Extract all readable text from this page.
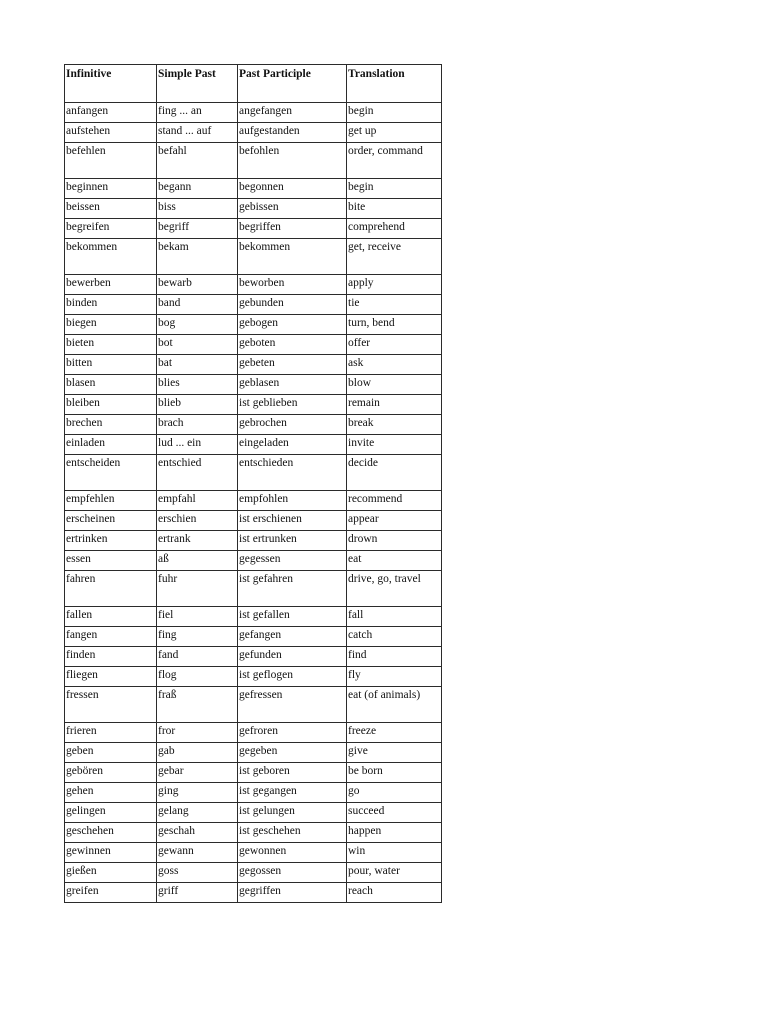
Infinitive	Simple Past	Past Participle	Translation
anfangen	fing ... an	angefangen	begin
aufstehen	stand ... auf	aufgestanden	get up
befehlen	befahl	befohlen	order, command
beginnen	begann	begonnen	begin
beissen	biss	gebissen	bite
begreifen	begriff	begriffen	comprehend
bekommen	bekam	bekommen	get, receive
bewerben	bewarb	beworben	apply
binden	band	gebunden	tie
biegen	bog	gebogen	turn, bend
bieten	bot	geboten	offer
bitten	bat	gebeten	ask
blasen	blies	geblasen	blow
bleiben	blieb	ist geblieben	remain
brechen	brach	gebrochen	break
einladen	lud ... ein	eingeladen	invite
entscheiden	entschied	entschieden	decide
empfehlen	empfahl	empfohlen	recommend
erscheinen	erschien	ist erschienen	appear
ertrinken	ertrank	ist ertrunken	drown
essen	aß	gegessen	eat
fahren	fuhr	ist gefahren	drive, go, travel
fallen	fiel	ist gefallen	fall
fangen	fing	gefangen	catch
finden	fand	gefunden	find
fliegen	flog	ist geflogen	fly
fressen	fraß	gefressen	eat (of animals)
frieren	fror	gefroren	freeze
geben	gab	gegeben	give
gebören	gebar	ist geboren	be born
gehen	ging	ist gegangen	go
gelingen	gelang	ist gelungen	succeed
geschehen	geschah	ist geschehen	happen
gewinnen	gewann	gewonnen	win
gießen	goss	gegossen	pour, water
greifen	griff	gegriffen	reach
